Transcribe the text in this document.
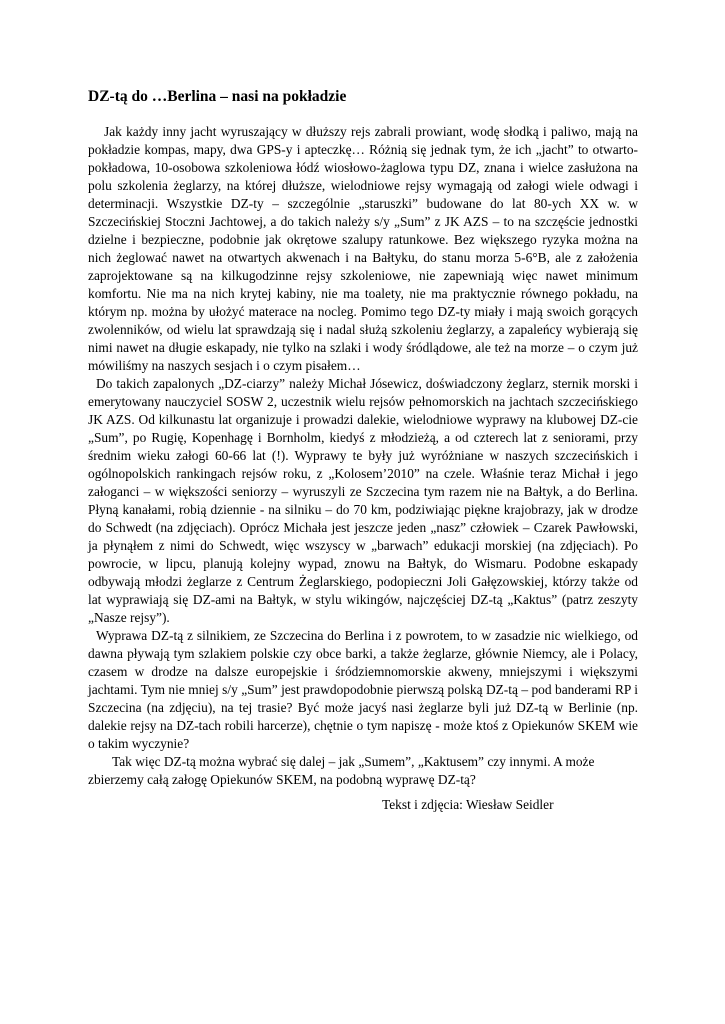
DZ-tą do …Berlina – nasi na pokładzie

Jak każdy inny jacht wyruszający w dłuższy rejs zabrali prowiant, wodę słodką i paliwo, mają na pokładzie kompas, mapy, dwa GPS-y i apteczkę… Różnią się jednak tym, że ich „jacht” to otwarto-pokładowa, 10-osobowa szkoleniowa łódź wiosłowo-żaglowa typu DZ, znana i wielce zasłużona na polu szkolenia żeglarzy, na której dłuższe, wielodniowe rejsy wymagają od załogi wiele odwagi i determinacji. Wszystkie DZ-ty – szczególnie „staruszki” budowane do lat 80-ych XX w. w Szczecińskiej Stoczni Jachtowej, a do takich należy s/y „Sum” z JK AZS – to na szczęście jednostki dzielne i bezpieczne, podobnie jak okrętowe szalupy ratunkowe. Bez większego ryzyka można na nich żeglować nawet na otwartych akwenach i na Bałtyku, do stanu morza 5-6°B, ale z założenia zaprojektowane są na kilkugodzinne rejsy szkoleniowe, nie zapewniają więc nawet minimum komfortu. Nie ma na nich krytej kabiny, nie ma toalety, nie ma praktycznie równego pokładu, na którym np. można by ułożyć materace na nocleg. Pomimo tego DZ-ty miały i mają swoich gorących zwolenników, od wielu lat sprawdzają się i nadal służą szkoleniu żeglarzy, a zapaleńcy wybierają się nimi nawet na długie eskapady, nie tylko na szlaki i wody śródlądowe, ale też na morze – o czym już mówiliśmy na naszych sesjach i o czym pisałem…

Do takich zapalonych „DZ-ciarzy” należy Michał Jósewicz, doświadczony żeglarz, sternik morski i emerytowany nauczyciel SOSW 2, uczestnik wielu rejsów pełnomorskich na jachtach szczecińskiego JK AZS. Od kilkunastu lat organizuje i prowadzi dalekie, wielodniowe wyprawy na klubowej DZ-cie „Sum”, po Rugię, Kopenhagę i Bornholm, kiedyś z młodzieżą, a od czterech lat z seniorami, przy średnim wieku załogi 60-66 lat (!). Wyprawy te były już wyróżniane w naszych szczecińskich i ogólnopolskich rankingach rejsów roku, z „Kolosem’2010” na czele. Właśnie teraz Michał i jego załoganci – w większości seniorzy – wyruszyli ze Szczecina tym razem nie na Bałtyk, a do Berlina. Płyną kanałami, robią dziennie - na silniku – do 70 km, podziwiając piękne krajobrazy, jak w drodze do Schwedt (na zdjęciach). Oprócz Michała jest jeszcze jeden „nasz” człowiek – Czarek Pawłowski, ja płynąłem z nimi do Schwedt, więc wszyscy w „barwach” edukacji morskiej (na zdjęciach). Po powrocie, w lipcu, planują kolejny wypad, znowu na Bałtyk, do Wismaru. Podobne eskapady odbywają młodzi żeglarze z Centrum Żeglarskiego, podopieczni Joli Gałęzowskiej, którzy także od lat wyprawiają się DZ-ami na Bałtyk, w stylu wikingów, najczęściej DZ-tą „Kaktus” (patrz zeszyty „Nasze rejsy”).

Wyprawa DZ-tą z silnikiem, ze Szczecina do Berlina i z powrotem, to w zasadzie nic wielkiego, od dawna pływają tym szlakiem polskie czy obce barki, a także żeglarze, głównie Niemcy, ale i Polacy, czasem w drodze na dalsze europejskie i śródziemnomorskie akweny, mniejszymi i większymi jachtami. Tym nie mniej s/y „Sum” jest prawdopodobnie pierwszą polską DZ-tą – pod banderami RP i Szczecina (na zdjęciu), na tej trasie? Być może jacyś nasi żeglarze byli już DZ-tą w Berlinie (np. dalekie rejsy na DZ-tach robili harcerze), chętnie o tym napiszę - może ktoś z Opiekunów SKEM wie o takim wyczynie?

Tak więc DZ-tą można wybrać się dalej – jak „Sumem”, „Kaktusem” czy innymi. A może zbierzemy całą załogę Opiekunów SKEM, na podobną wyprawę DZ-tą?

Tekst i zdjęcia: Wiesław Seidler
